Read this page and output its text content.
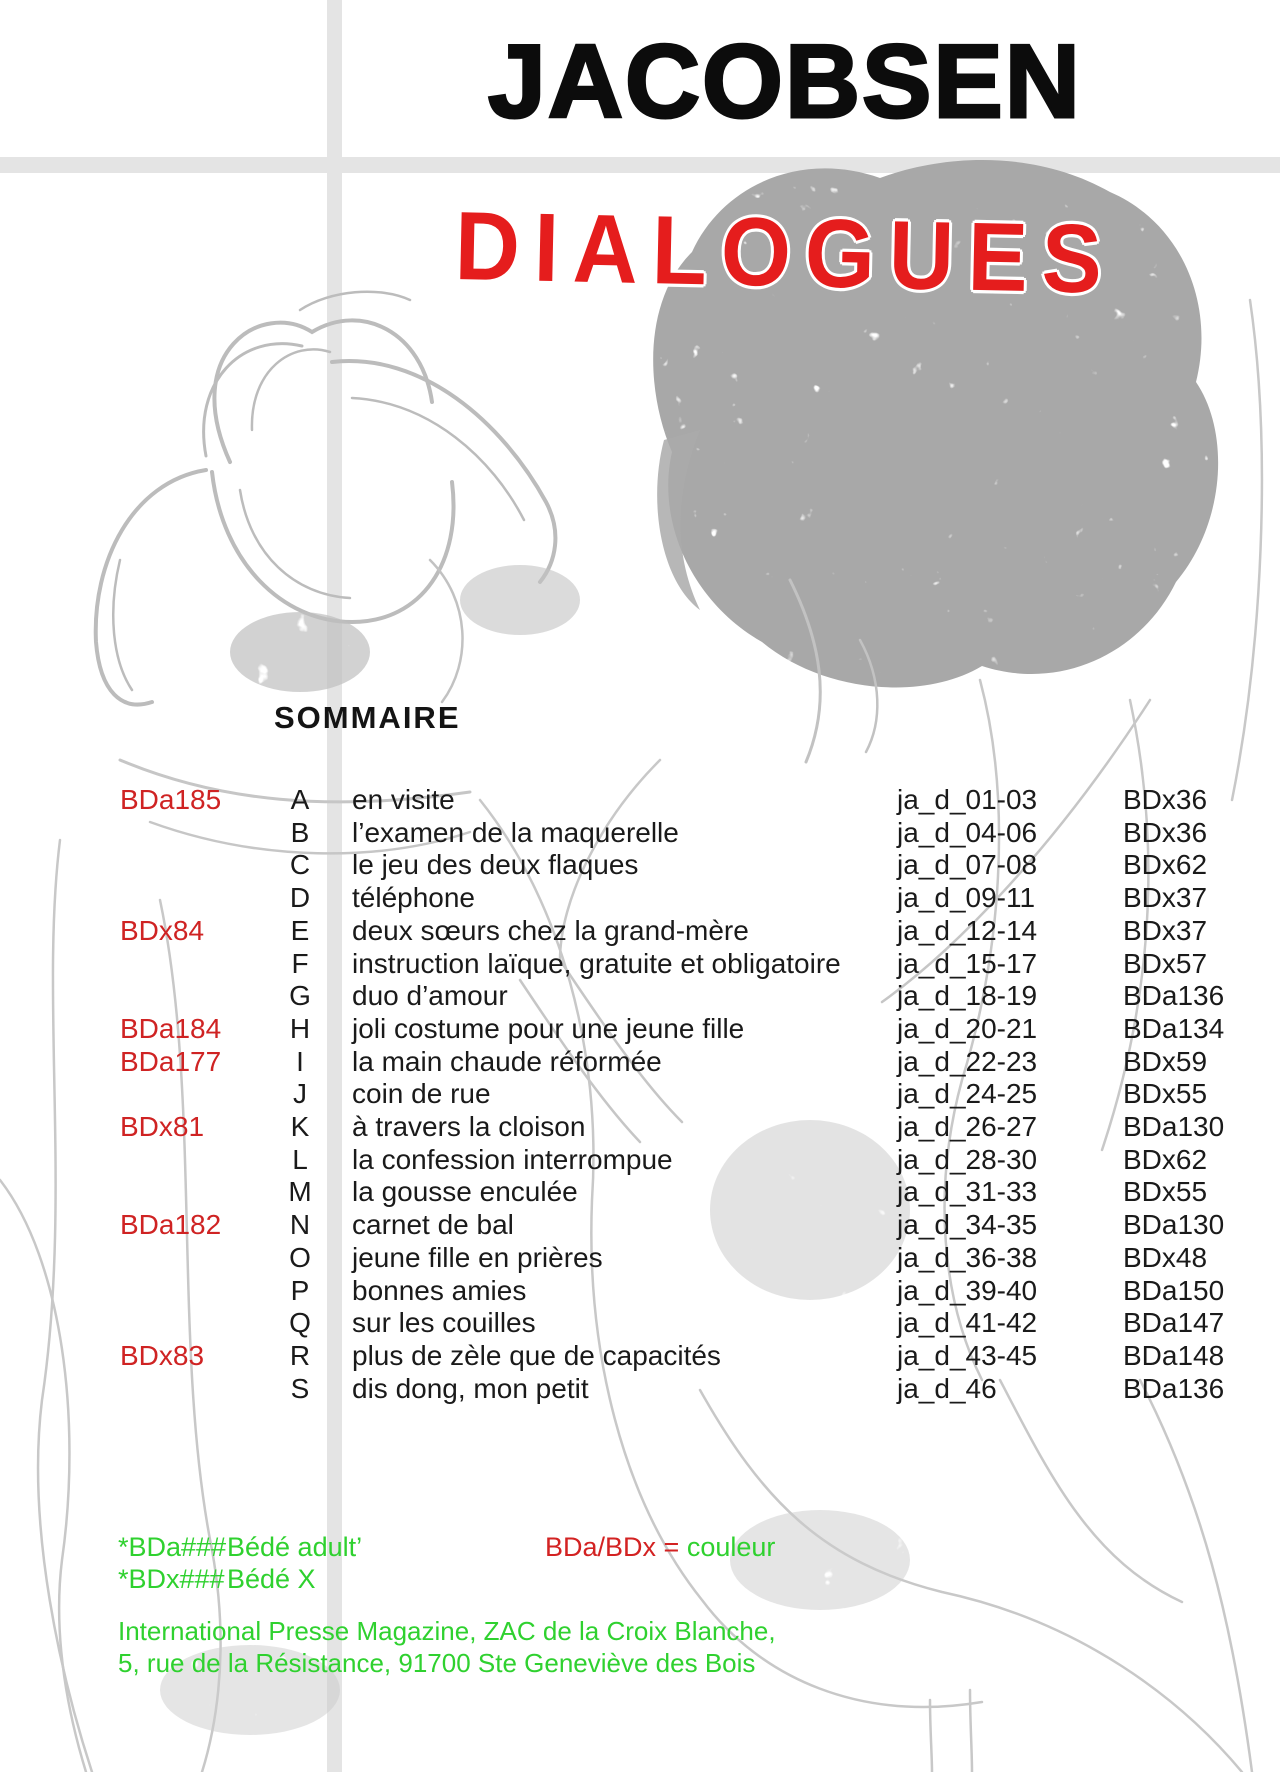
JACOBSEN
DIALOGUES
SOMMAIRE
BDa185	A	en visite	ja_d_01-03	BDx36
B	l’examen de la maquerelle	ja_d_04-06	BDx36
C	le jeu des deux flaques	ja_d_07-08	BDx62
D	téléphone	ja_d_09-11	BDx37
BDx84	E	deux sœurs chez la grand-mère	ja_d_12-14	BDx37
F	instruction laïque, gratuite et obligatoire ja_d_15-17	BDx57
G duo d’amour	ja_d_18-19	BDa136
BDa184	H	joli costume pour une jeune fille	ja_d_20-21	BDa134
BDa177	I	la main chaude réformée	ja_d_22-23	BDx59
J	coin de rue	ja_d_24-25	BDx55
BDx81	K	à travers la cloison	ja_d_26-27	BDa130
L	la confession interrompue	ja_d_28-30	BDx62
M la gousse enculée	ja_d_31-33	BDx55
BDa182	N	carnet de bal	ja_d_34-35	BDa130
O jeune fille en prières	ja_d_36-38	BDx48
P	bonnes amies	ja_d_39-40	BDa150
Q sur les couilles	ja_d_41-42	BDa147
BDx83	R	plus de zèle que de capacités	ja_d_43-45	BDa148
S	dis dong, mon petit	ja_d_46	BDa136
*BDa### Bédé adult’
*BDx### Bédé X
BDa/BDx = couleur
International Presse Magazine, ZAC de la Croix Blanche,
5, rue de la Résistance, 91700 Ste Geneviève des Bois
